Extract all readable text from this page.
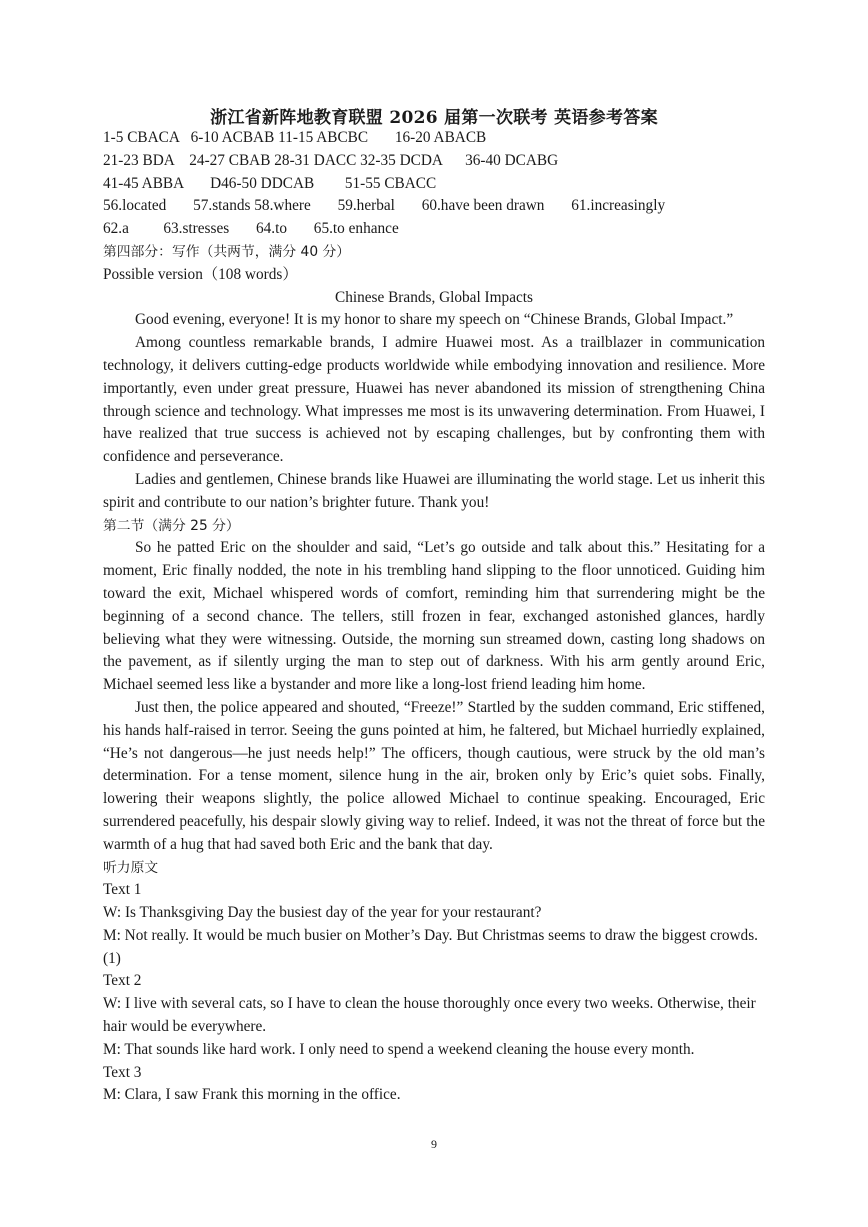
浙江省新阵地教育联盟 2026 届第一次联考 英语参考答案
1-5 CBACA 6-10 ACBAB 11-15 ABCBC 16-20 ABACB
21-23 BDA 24-27 CBAB 28-31 DACC 32-35 DCDA 36-40 DCABG
41-45 ABBA D46-50 DDCAB 51-55 CBACC
56.located 57.stands 58.where 59.herbal 60.have been drawn 61.increasingly
62.a 63.stresses 64.to 65.to enhance
第四部分：写作（共两节，满分 40 分）
Possible version（108 words）
Chinese Brands, Global Impacts

Good evening, everyone! It is my honor to share my speech on “Chinese Brands, Global Impact.”

Among countless remarkable brands, I admire Huawei most. As a trailblazer in communication technology, it delivers cutting-edge products worldwide while embodying innovation and resilience. More importantly, even under great pressure, Huawei has never abandoned its mission of strengthening China through science and technology. What impresses me most is its unwavering determination. From Huawei, I have realized that true success is achieved not by escaping challenges, but by confronting them with confidence and perseverance.

Ladies and gentlemen, Chinese brands like Huawei are illuminating the world stage. Let us inherit this spirit and contribute to our nation’s brighter future. Thank you!

第二节（满分 25 分）

So he patted Eric on the shoulder and said, “Let’s go outside and talk about this.” Hesitating for a moment, Eric finally nodded, the note in his trembling hand slipping to the floor unnoticed. Guiding him toward the exit, Michael whispered words of comfort, reminding him that surrendering might be the beginning of a second chance. The tellers, still frozen in fear, exchanged astonished glances, hardly believing what they were witnessing. Outside, the morning sun streamed down, casting long shadows on the pavement, as if silently urging the man to step out of darkness. With his arm gently around Eric, Michael seemed less like a bystander and more like a long-lost friend leading him home.

Just then, the police appeared and shouted, “Freeze!” Startled by the sudden command, Eric stiffened, his hands half-raised in terror. Seeing the guns pointed at him, he faltered, but Michael hurriedly explained, “He’s not dangerous—he just needs help!” The officers, though cautious, were struck by the old man’s determination. For a tense moment, silence hung in the air, broken only by Eric’s quiet sobs. Finally, lowering their weapons slightly, the police allowed Michael to continue speaking. Encouraged, Eric surrendered peacefully, his despair slowly giving way to relief. Indeed, it was not the threat of force but the warmth of a hug that had saved both Eric and the bank that day.

听力原文
Text 1
W: Is Thanksgiving Day the busiest day of the year for your restaurant?
M: Not really. It would be much busier on Mother’s Day. But Christmas seems to draw the biggest crowds. (1)
Text 2
W: I live with several cats, so I have to clean the house thoroughly once every two weeks. Otherwise, their hair would be everywhere.
M: That sounds like hard work. I only need to spend a weekend cleaning the house every month.
Text 3
M: Clara, I saw Frank this morning in the office.
9
